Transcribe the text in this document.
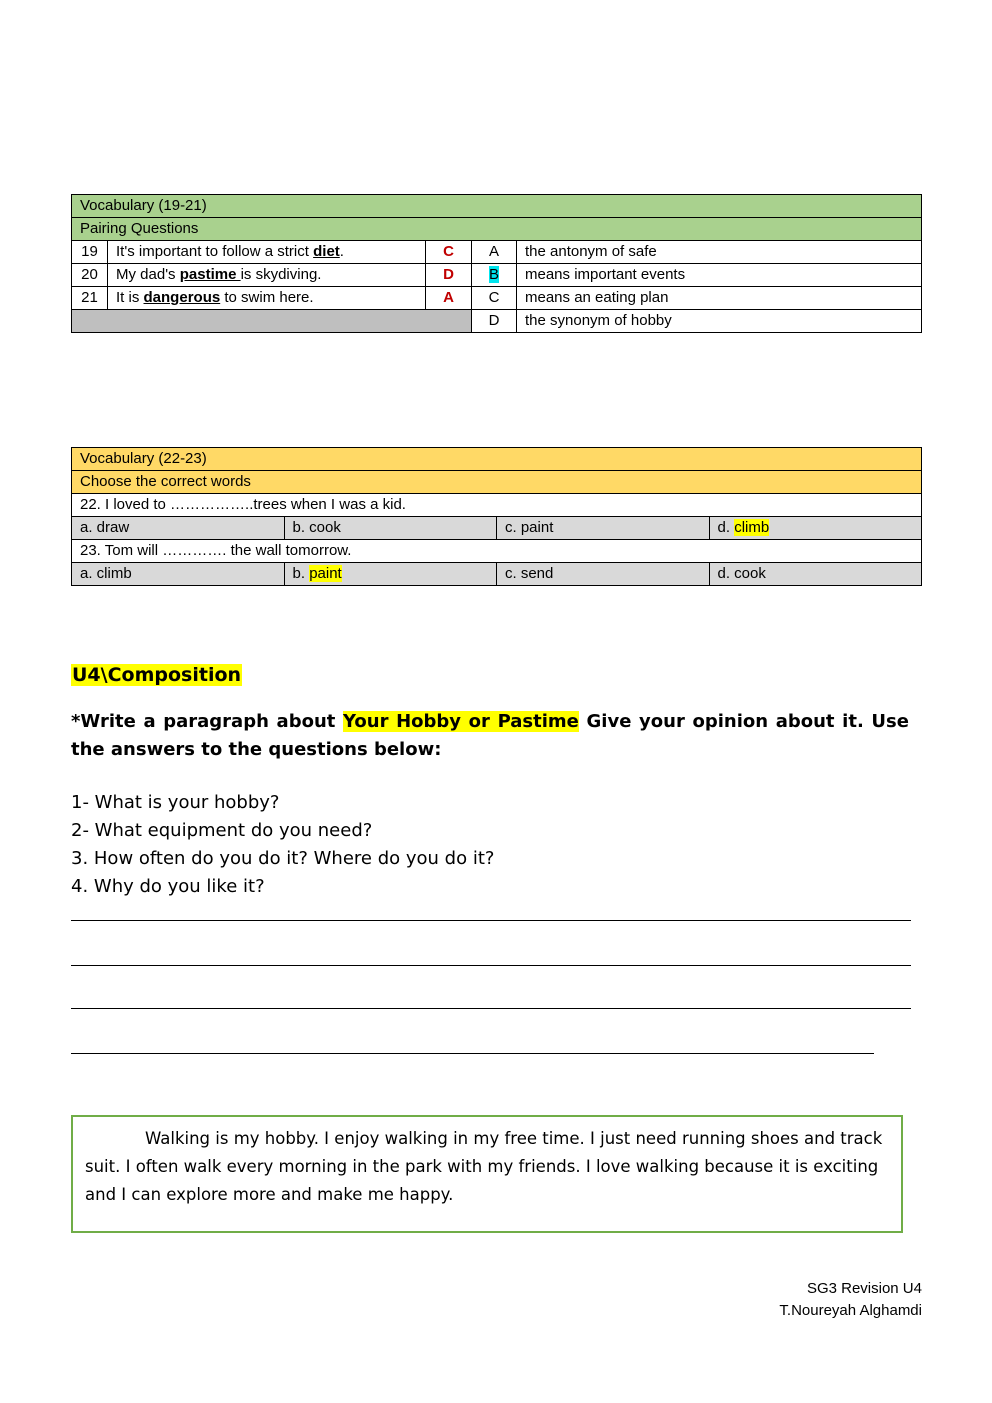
Vocabulary (19-21)				
Pairing Questions				
19	It's important to follow a strict diet.	C	A	the antonym of safe
20	My dad's pastime is skydiving.	D	B	means important events
21	It is dangerous to swim here.	A	C	means an eating plan
			D	the synonym of hobby
Vocabulary (22-23)			
Choose the correct words			
22. I loved to ……………..trees when I was a kid.			
a. draw	b. cook	c. paint	d. climb
23. Tom will …………. the wall tomorrow.			
a. climb	b. paint	c. send	d. cook
U4\Composition
*Write a paragraph about Your Hobby or Pastime Give your opinion about it. Use the answers to the questions below:
1- What is your hobby?
2- What equipment do you need?
3. How often do you do it? Where do you do it?
4. Why do you like it?
Walking is my hobby. I enjoy walking in my free time. I just need running shoes and track suit. I often walk every morning in the park with my friends. I love walking because it is exciting and I can explore more and make me happy.
SG3 Revision U4
T.Noureyah Alghamdi
